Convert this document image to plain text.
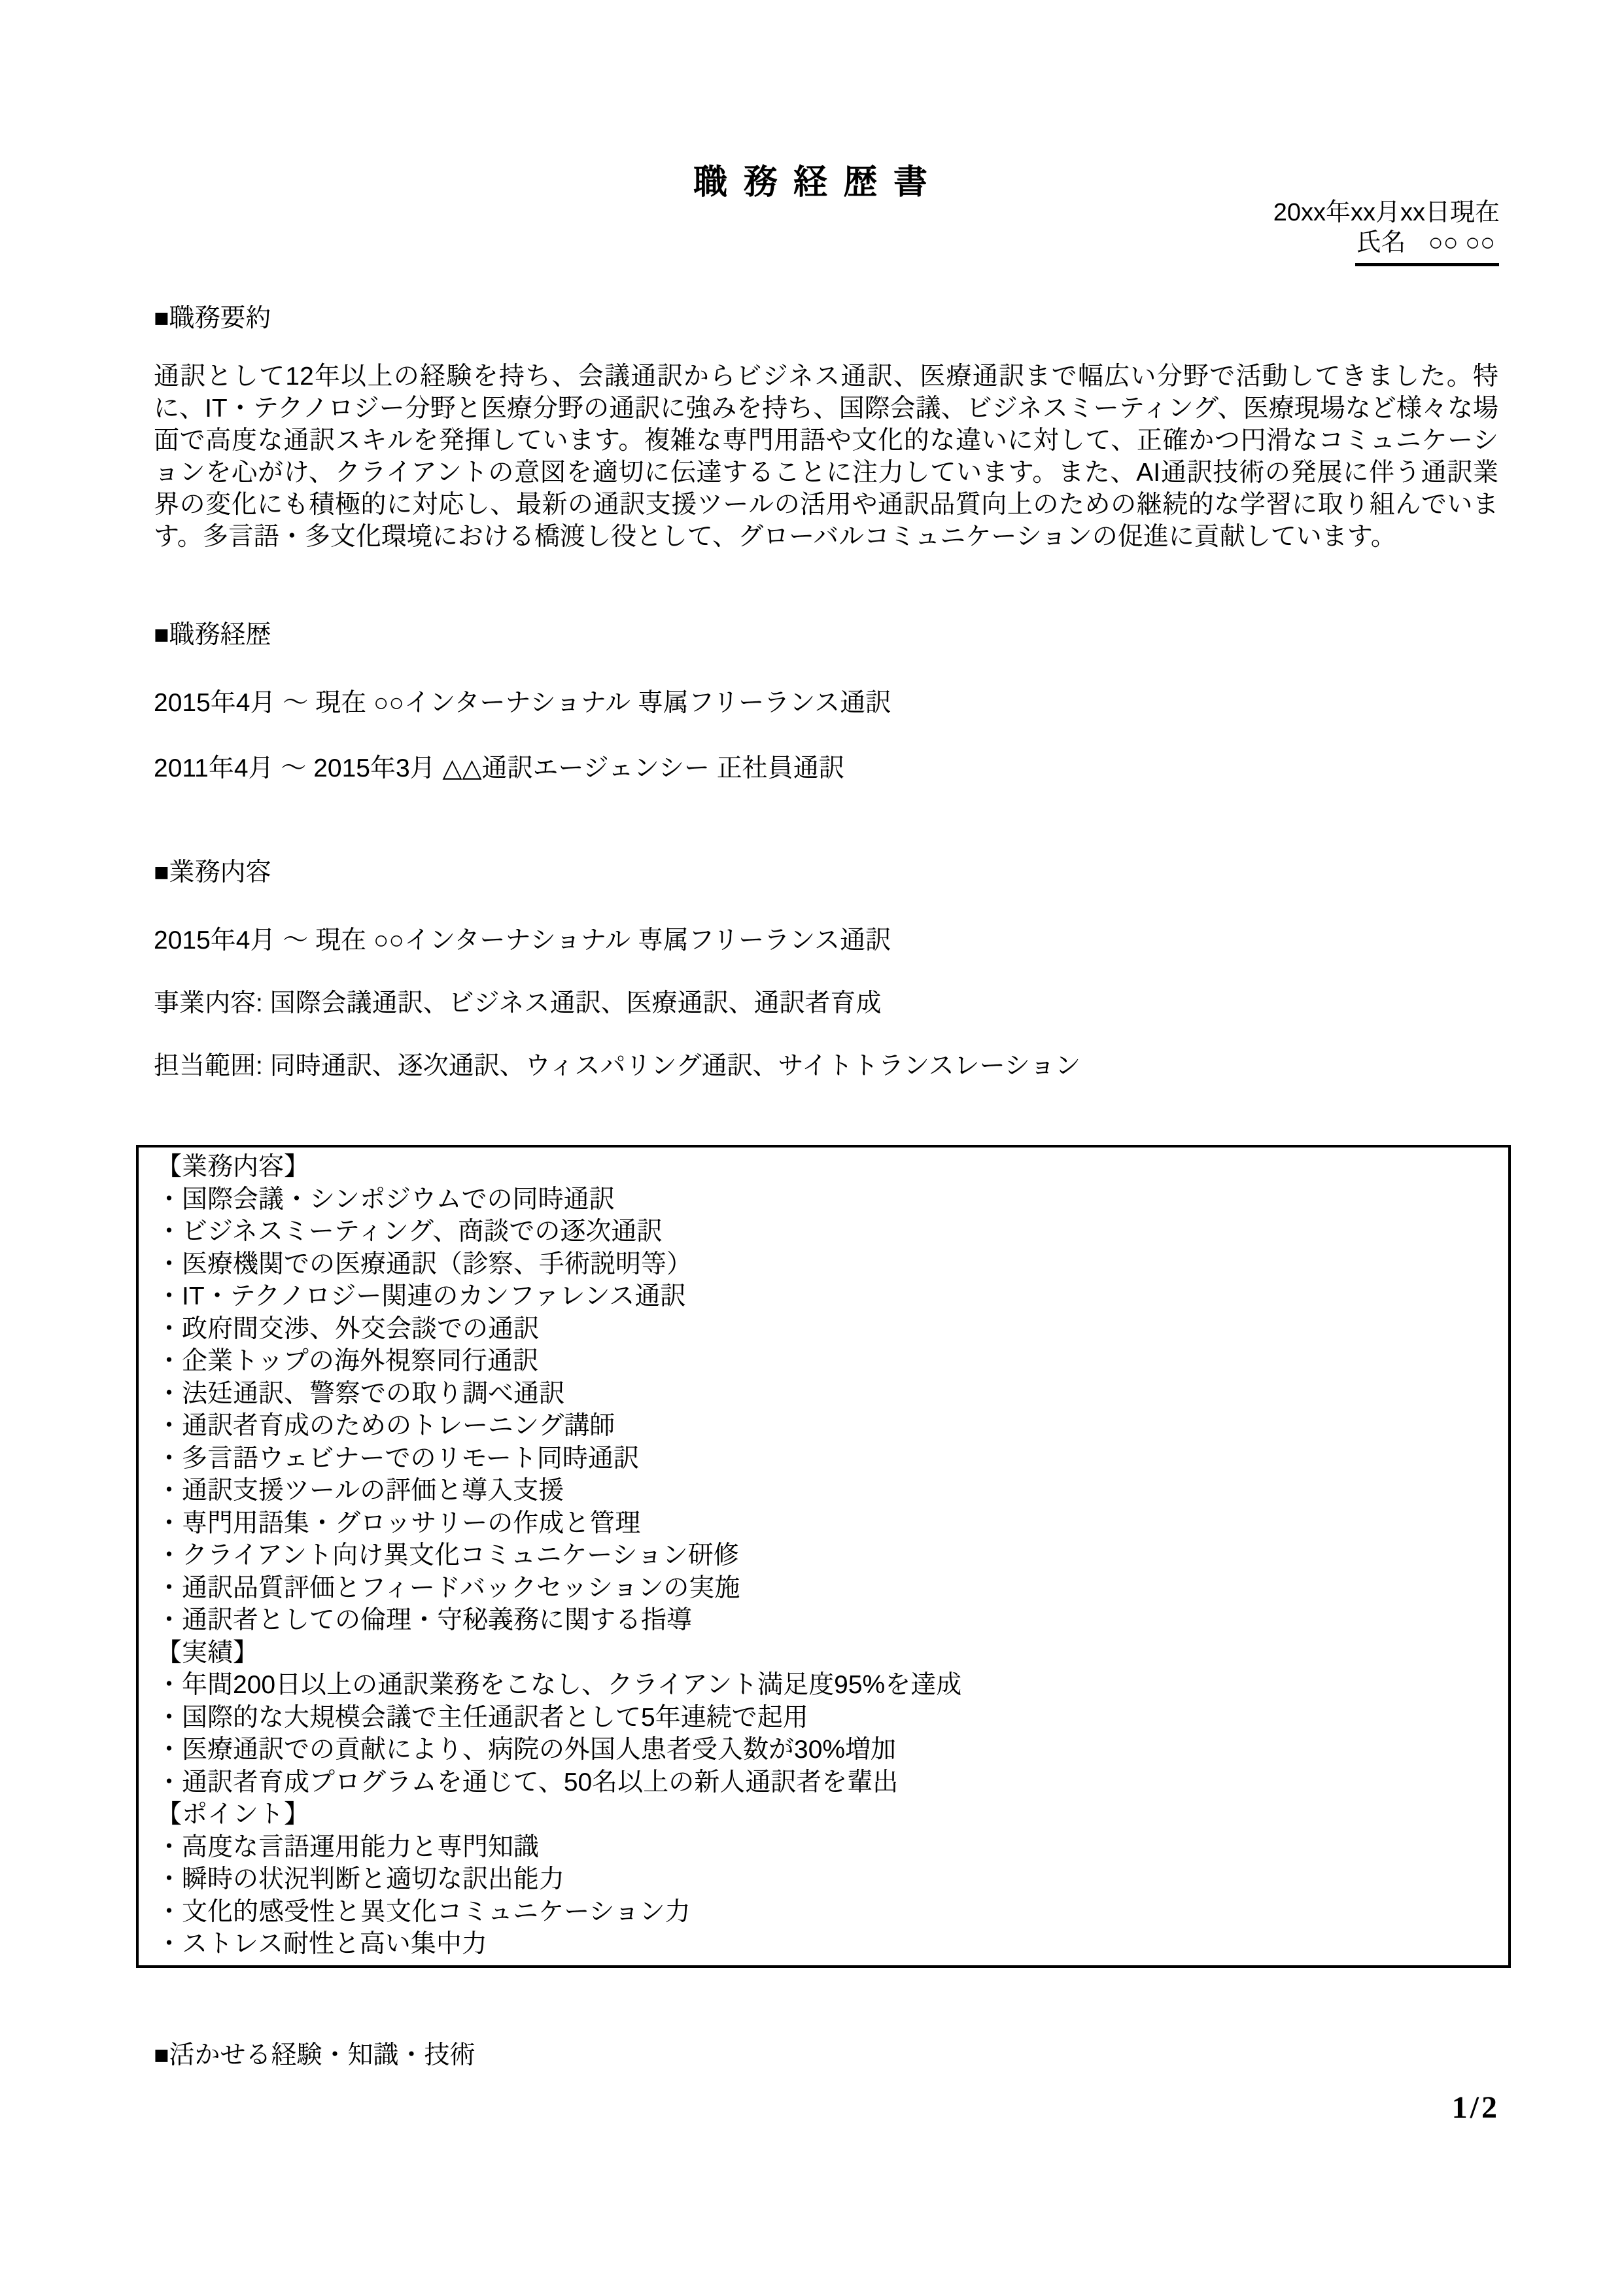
職 務 経 歴 書
20xx年xx月xx日現在
氏名 ○○ ○○
■職務要約
通訳として12年以上の経験を持ち、会議通訳からビジネス通訳、医療通訳まで幅広い分野で活動してきました。特に、IT・テクノロジー分野と医療分野の通訳に強みを持ち、国際会議、ビジネスミーティング、医療現場など様々な場面で高度な通訳スキルを発揮しています。複雑な専門用語や文化的な違いに対して、正確かつ円滑なコミュニケーションを心がけ、クライアントの意図を適切に伝達することに注力しています。また、AI通訳技術の発展に伴う通訳業界の変化にも積極的に対応し、最新の通訳支援ツールの活用や通訳品質向上のための継続的な学習に取り組んでいます。多言語・多文化環境における橋渡し役として、グローバルコミュニケーションの促進に貢献しています。
■職務経歴
2015年4月 ～ 現在 ○○インターナショナル 専属フリーランス通訳
2011年4月 ～ 2015年3月 △△通訳エージェンシー 正社員通訳
■業務内容
2015年4月 ～ 現在 ○○インターナショナル 専属フリーランス通訳
事業内容: 国際会議通訳、ビジネス通訳、医療通訳、通訳者育成
担当範囲: 同時通訳、逐次通訳、ウィスパリング通訳、サイトトランスレーション
【業務内容】
・国際会議・シンポジウムでの同時通訳
・ビジネスミーティング、商談での逐次通訳
・医療機関での医療通訳（診察、手術説明等）
・IT・テクノロジー関連のカンファレンス通訳
・政府間交渉、外交会談での通訳
・企業トップの海外視察同行通訳
・法廷通訳、警察での取り調べ通訳
・通訳者育成のためのトレーニング講師
・多言語ウェビナーでのリモート同時通訳
・通訳支援ツールの評価と導入支援
・専門用語集・グロッサリーの作成と管理
・クライアント向け異文化コミュニケーション研修
・通訳品質評価とフィードバックセッションの実施
・通訳者としての倫理・守秘義務に関する指導
【実績】
・年間200日以上の通訳業務をこなし、クライアント満足度95%を達成
・国際的な大規模会議で主任通訳者として5年連続で起用
・医療通訳での貢献により、病院の外国人患者受入数が30%増加
・通訳者育成プログラムを通じて、50名以上の新人通訳者を輩出
【ポイント】
・高度な言語運用能力と専門知識
・瞬時の状況判断と適切な訳出能力
・文化的感受性と異文化コミュニケーション力
・ストレス耐性と高い集中力
■活かせる経験・知識・技術
1/2
